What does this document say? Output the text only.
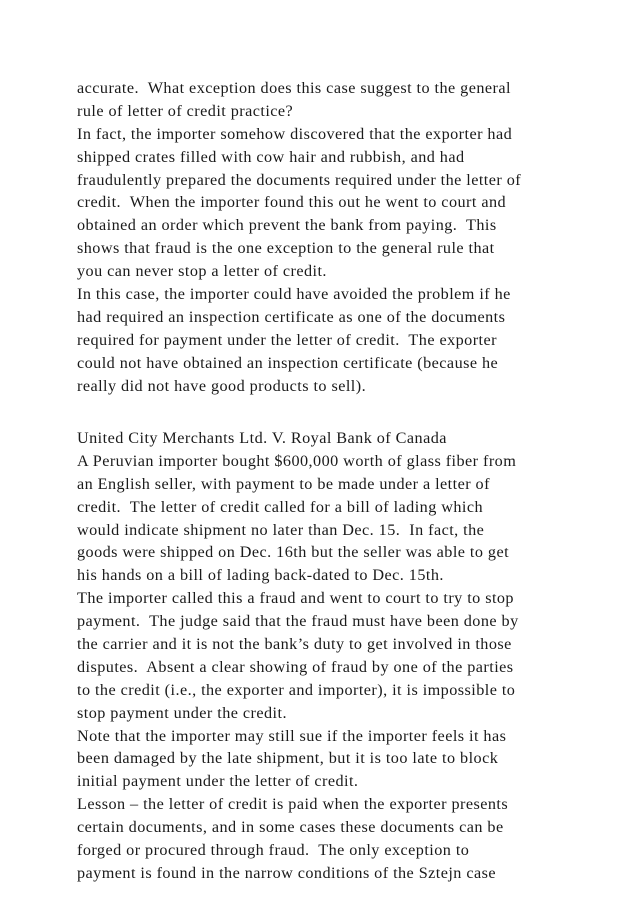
accurate.  What exception does this case suggest to the general
rule of letter of credit practice?
In fact, the importer somehow discovered that the exporter had
shipped crates filled with cow hair and rubbish, and had
fraudulently prepared the documents required under the letter of
credit.  When the importer found this out he went to court and
obtained an order which prevent the bank from paying.  This
shows that fraud is the one exception to the general rule that
you can never stop a letter of credit.
In this case, the importer could have avoided the problem if he
had required an inspection certificate as one of the documents
required for payment under the letter of credit.  The exporter
could not have obtained an inspection certificate (because he
really did not have good products to sell).
United City Merchants Ltd. V. Royal Bank of Canada
A Peruvian importer bought $600,000 worth of glass fiber from
an English seller, with payment to be made under a letter of
credit.  The letter of credit called for a bill of lading which
would indicate shipment no later than Dec. 15.  In fact, the
goods were shipped on Dec. 16th but the seller was able to get
his hands on a bill of lading back-dated to Dec. 15th.
The importer called this a fraud and went to court to try to stop
payment.  The judge said that the fraud must have been done by
the carrier and it is not the bank’s duty to get involved in those
disputes.  Absent a clear showing of fraud by one of the parties
to the credit (i.e., the exporter and importer), it is impossible to
stop payment under the credit.
Note that the importer may still sue if the importer feels it has
been damaged by the late shipment, but it is too late to block
initial payment under the letter of credit.
Lesson – the letter of credit is paid when the exporter presents
certain documents, and in some cases these documents can be
forged or procured through fraud.  The only exception to
payment is found in the narrow conditions of the Sztejn case
